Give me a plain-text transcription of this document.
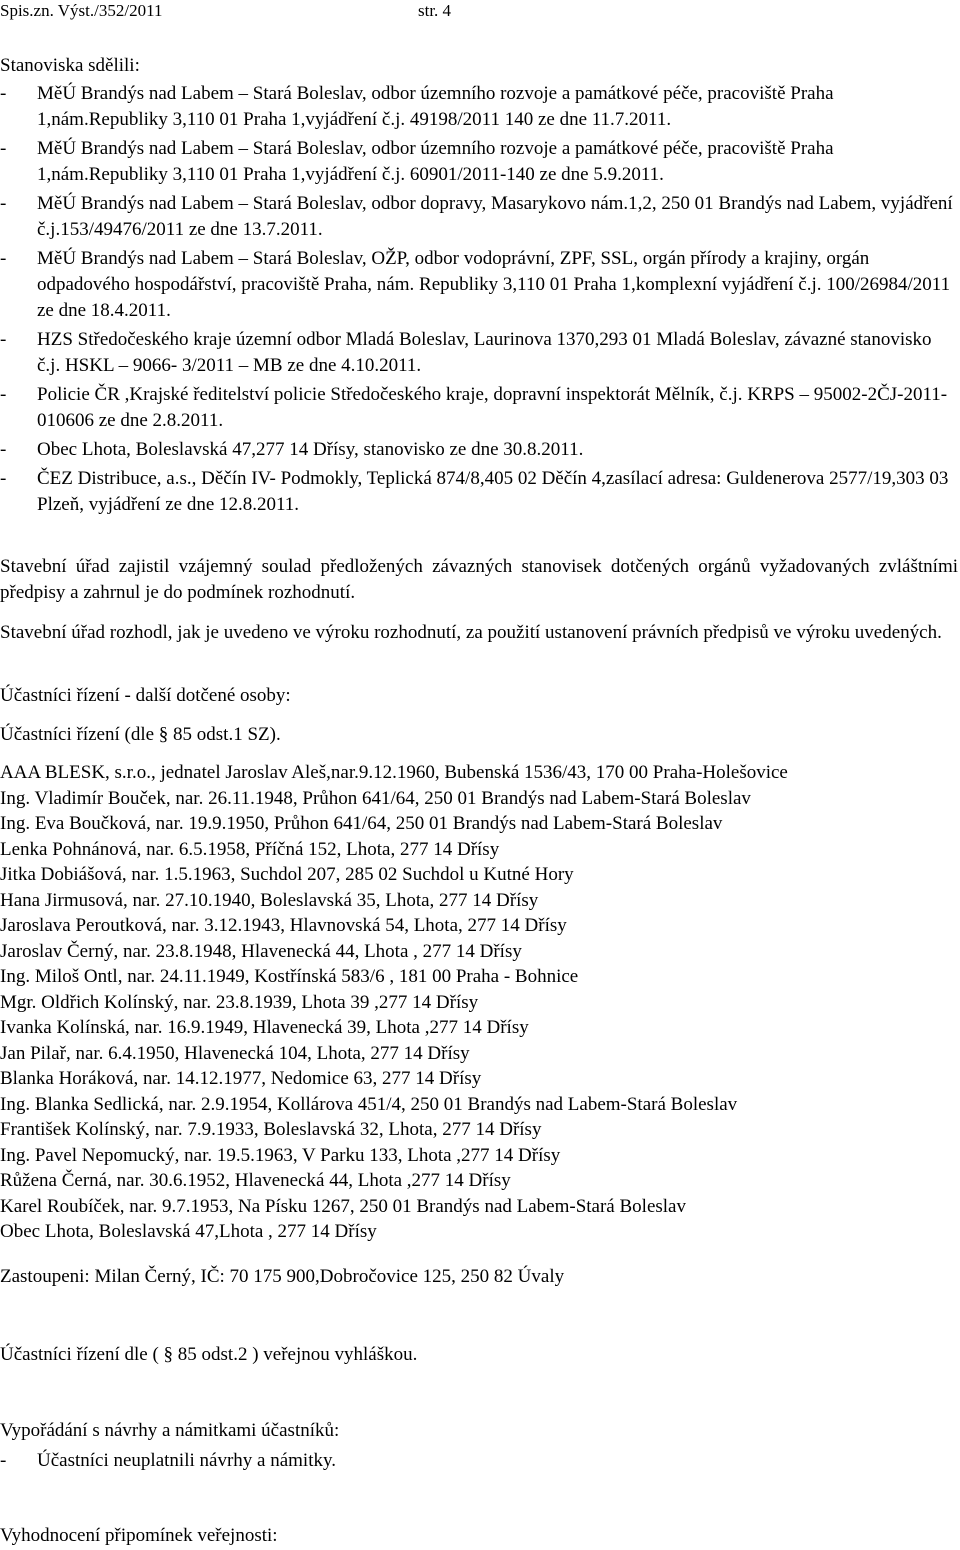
Spis.zn. Výst./352/2011	str. 4
Stanoviska sdělili:
- MěÚ Brandýs nad Labem – Stará Boleslav, odbor územního rozvoje a památkové péče, pracoviště Praha 1,nám.Republiky 3,110 01 Praha 1,vyjádření č.j. 49198/2011 140 ze dne 11.7.2011.
- MěÚ Brandýs nad Labem – Stará Boleslav, odbor územního rozvoje a památkové péče, pracoviště Praha 1,nám.Republiky 3,110 01 Praha 1,vyjádření č.j. 60901/2011-140 ze dne 5.9.2011.
- MěÚ Brandýs nad Labem – Stará Boleslav, odbor dopravy, Masarykovo nám.1,2, 250 01 Brandýs nad Labem, vyjádření č.j.153/49476/2011 ze dne 13.7.2011.
- MěÚ Brandýs nad Labem – Stará Boleslav, OŽP, odbor vodoprávní, ZPF, SSL, orgán přírody a krajiny, orgán odpadového hospodářství, pracoviště Praha, nám. Republiky 3,110 01 Praha 1,komplexní vyjádření č.j. 100/26984/2011 ze dne 18.4.2011.
- HZS Středočeského kraje územní odbor Mladá Boleslav, Laurinova 1370,293 01 Mladá Boleslav, závazné stanovisko č.j. HSKL – 9066- 3/2011 – MB ze dne 4.10.2011.
- Policie ČR ,Krajské ředitelství policie Středočeského kraje, dopravní inspektorát Mělník, č.j. KRPS – 95002-2ČJ-2011-010606 ze dne 2.8.2011.
- Obec Lhota, Boleslavská 47,277 14 Dřísy, stanovisko ze dne 30.8.2011.
- ČEZ Distribuce, a.s., Děčín IV- Podmokly, Teplická 874/8,405 02 Děčín 4,zasílací adresa: Guldenerova 2577/19,303 03 Plzeň, vyjádření ze dne 12.8.2011.
Stavební úřad zajistil vzájemný soulad předložených závazných stanovisek dotčených orgánů vyžadovaných zvláštními předpisy a zahrnul je do podmínek rozhodnutí.
Stavební úřad rozhodl, jak je uvedeno ve výroku rozhodnutí, za použití ustanovení právních předpisů ve výroku uvedených.
Účastníci řízení - další dotčené osoby:
Účastníci řízení (dle § 85 odst.1 SZ).
AAA BLESK, s.r.o., jednatel Jaroslav Aleš,nar.9.12.1960, Bubenská 1536/43, 170 00 Praha-Holešovice
Ing. Vladimír Bouček, nar. 26.11.1948, Průhon 641/64, 250 01 Brandýs nad Labem-Stará Boleslav
Ing. Eva Boučková, nar. 19.9.1950, Průhon 641/64, 250 01 Brandýs nad Labem-Stará Boleslav
Lenka Pohnánová, nar. 6.5.1958, Příčná 152, Lhota, 277 14 Dřísy
Jitka Dobiášová, nar. 1.5.1963, Suchdol 207, 285 02 Suchdol u Kutné Hory
Hana Jirmusová, nar. 27.10.1940, Boleslavská 35, Lhota, 277 14 Dřísy
Jaroslava Peroutková, nar. 3.12.1943, Hlavnovská 54, Lhota, 277 14 Dřísy
Jaroslav Černý, nar. 23.8.1948, Hlavenecká 44, Lhota , 277 14 Dřísy
Ing. Miloš Ontl, nar. 24.11.1949, Kostřínská 583/6 , 181 00 Praha - Bohnice
Mgr. Oldřich Kolínský, nar. 23.8.1939, Lhota 39 ,277 14 Dřísy
Ivanka Kolínská, nar. 16.9.1949, Hlavenecká 39, Lhota ,277 14 Dřísy
Jan Pilař, nar. 6.4.1950, Hlavenecká 104, Lhota, 277 14 Dřísy
Blanka Horáková, nar. 14.12.1977, Nedomice 63, 277 14 Dřísy
Ing. Blanka Sedlická, nar. 2.9.1954, Kollárova 451/4, 250 01 Brandýs nad Labem-Stará Boleslav
František Kolínský, nar. 7.9.1933, Boleslavská 32, Lhota, 277 14 Dřísy
Ing. Pavel Nepomucký, nar. 19.5.1963, V Parku 133, Lhota ,277 14 Dřísy
Růžena Černá, nar. 30.6.1952, Hlavenecká 44, Lhota ,277 14 Dřísy
Karel Roubíček, nar. 9.7.1953, Na Písku 1267, 250 01 Brandýs nad Labem-Stará Boleslav
Obec Lhota, Boleslavská 47,Lhota , 277 14 Dřísy
Zastoupeni: Milan Černý, IČ: 70 175 900,Dobročovice 125, 250 82 Úvaly
Účastníci řízení dle ( § 85 odst.2 ) veřejnou vyhláškou.
Vypořádání s návrhy a námitkami účastníků:
- Účastníci neuplatnili návrhy a námitky.
Vyhodnocení připomínek veřejnosti:
